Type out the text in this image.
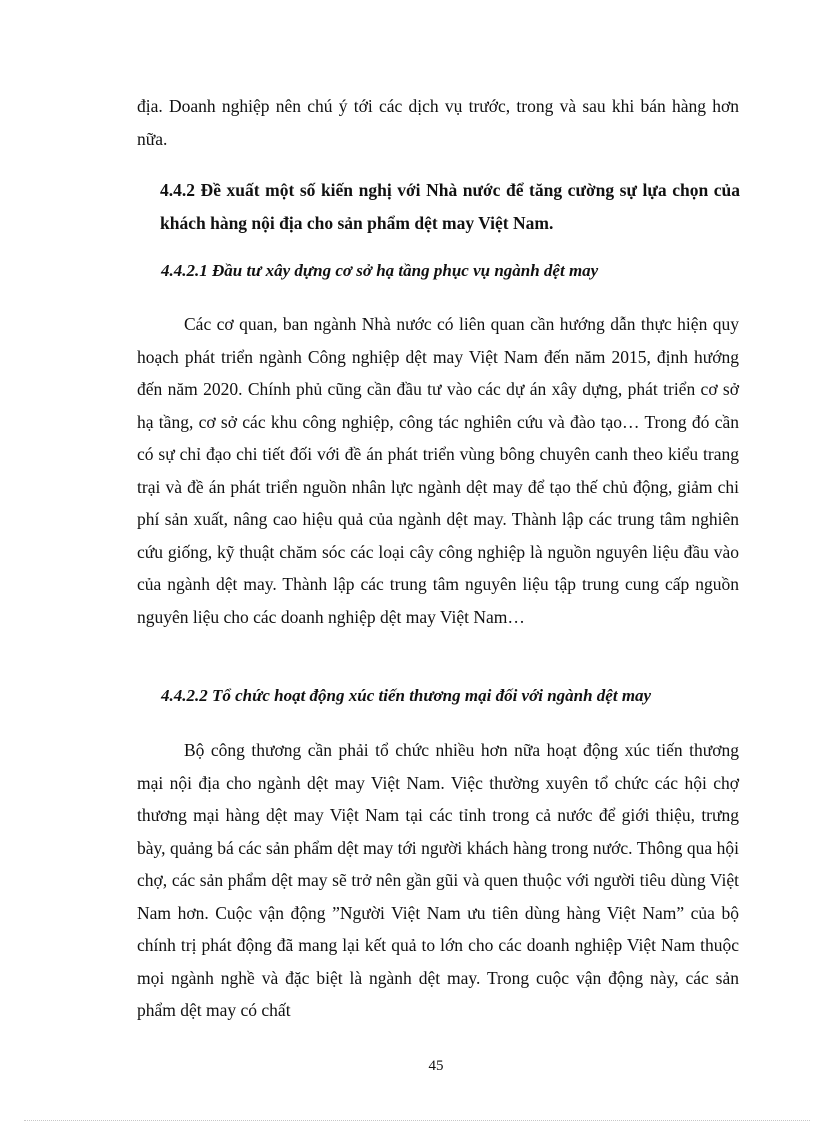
địa. Doanh nghiệp nên chú ý tới các dịch vụ trước, trong và sau khi bán hàng hơn nữa.

4.4.2 Đề xuất một số kiến nghị với Nhà nước để tăng cường sự lựa chọn của khách hàng nội địa cho sản phẩm dệt may Việt Nam.
4.4.2.1 Đầu tư xây dựng cơ sở hạ tầng phục vụ ngành dệt may

Các cơ quan, ban ngành Nhà nước có liên quan cần hướng dẫn thực hiện quy hoạch phát triển ngành Công nghiệp dệt may Việt Nam đến năm 2015, định hướng đến năm 2020. Chính phủ cũng cần đầu tư vào các dự án xây dựng, phát triển cơ sở hạ tầng, cơ sở các khu công nghiệp, công tác nghiên cứu và đào tạo… Trong đó cần có sự chỉ đạo chi tiết đối với đề án phát triển vùng bông chuyên canh theo kiểu trang trại và đề án phát triển nguồn nhân lực ngành dệt may để tạo thế chủ động, giảm chi phí sản xuất, nâng cao hiệu quả của ngành dệt may. Thành lập các trung tâm nghiên cứu giống, kỹ thuật chăm sóc các loại cây công nghiệp là nguồn nguyên liệu đầu vào của ngành dệt may. Thành lập các trung tâm nguyên liệu tập trung cung cấp nguồn nguyên liệu cho các doanh nghiệp dệt may Việt Nam…

4.4.2.2 Tổ chức hoạt động xúc tiến thương mại đối với ngành dệt may

Bộ công thương cần phải tổ chức nhiều hơn nữa hoạt động xúc tiến thương mại nội địa cho ngành dệt may Việt Nam. Việc thường xuyên tổ chức các hội chợ thương mại hàng dệt may Việt Nam tại các tỉnh trong cả nước để giới thiệu, trưng bày, quảng bá các sản phẩm dệt may tới người khách hàng trong nước. Thông qua hội chợ, các sản phẩm dệt may sẽ trở nên gần gũi và quen thuộc với người tiêu dùng Việt Nam hơn. Cuộc vận động ”Người Việt Nam ưu tiên dùng hàng Việt Nam” của bộ chính trị phát động đã mang lại kết quả to lớn cho các doanh nghiệp Việt Nam thuộc mọi ngành nghề và đặc biệt là ngành dệt may. Trong cuộc vận động này, các sản phẩm dệt may có chất

45
